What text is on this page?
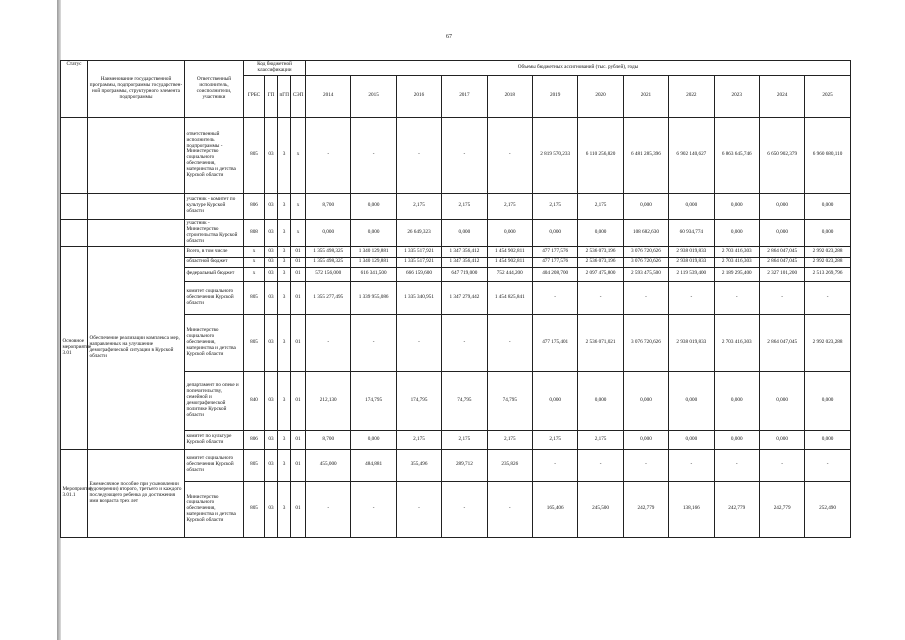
67
Статус	Наименование государственной программы, подпрограммы государствен-ной программы, структурного элемента подпрограммы	Ответственный исполнитель, соисполнители, участники	Код бюджетной классификации				Объемы бюджетных ассигнований (тыс. рублей), годы											
			ГРБС	ГП	пГП	СЭП	2014	2015	2016	2017	2018	2019	2020	2021	2022	2023	2024	2025
		ответственный исполнитель подпрограммы - Министерство социального обеспечения, материнства и детства Курской области	805	03	3	х	-	-	-	-	-	2 819 570,233	6 110 256,820	6 481 285,396	6 902 140,627	6 863 645,746	6 650 902,379	6 960 680,110
		участник - комитет по культуре Курской области	806	03	3	х	8,700	0,000	2,175	2,175	2,175	2,175	2,175	0,000	0,000	0,000	0,000	0,000
		участник - Министерство строительства Курской области	808	03	3	х	0,000	0,000	26 649,323	0,000	0,000	0,000	0,000	108 682,630	60 934,774	0,000	0,000	0,000
Основное мероприятие 3.01	Обеспечение реализации комплекса мер, направленных на улучшение демографической ситуации в Курской области	Всего, в том числе	х	03	3	01	1 355 498,325	1 340 129,881	1 335 517,921	1 347 356,412	1 454 902,811	477 177,576	2 536 073,196	3 076 720,626	2 938 019,833	2 703 416,303	2 864 047,045	2 992 023,288
		областной бюджет	х	03	3	01	1 355 498,325	1 340 129,881	1 335 517,921	1 347 356,412	1 454 902,811	477 177,576	2 536 073,196	3 076 720,626	2 938 019,833	2 703 416,303	2 864 047,045	2 992 023,288
		федеральный бюджет	х	03	3	01	572 156,000	616 341,500	666 159,600	647 719,000	752 444,200	404 208,700	2 097 475,800	2 593 475,500	2 119 539,400	2 189 295,400	2 327 101,200	2 513 269,796
		комитет социального обеспечения Курской области	805	03	3	01	1 355 277,495	1 339 955,086	1 335 340,951	1 347 279,442	1 454 825,841	-	-	-	-	-	-	-
		Министерство социального обеспечения, материнства и детства Курской области	805	03	3	01	-	-	-	-	-	477 175,401	2 536 071,021	3 076 720,626	2 938 019,833	2 703 416,303	2 864 047,045	2 992 023,288
		департамент по опеке и попечительству, семейной и демографической политике Курской области	840	03	3	01	212,130	174,795	174,795	74,795	74,795	0,000	0,000	0,000	0,000	0,000	0,000	0,000
		комитет по культуре Курской области	806	03	3	01	8,700	0,000	2,175	2,175	2,175	2,175	2,175	0,000	0,000	0,000	0,000	0,000
Мероприятие 3.01.1	Ежемесячное пособие при усыновлении (удочерении) второго, третьего и каждого последующего ребенка до достижения ими возраста трех лет	комитет социального обеспечения Курской области	805	03	3	01	455,000	484,881	355,496	289,712	235,826	-	-	-	-	-	-	-
		Министерство социального обеспечения, материнства и детства Курской области	805	03	3	01	-	-	-	-	-	165,406	245,500	242,779	138,166	242,779	242,779	252,490
